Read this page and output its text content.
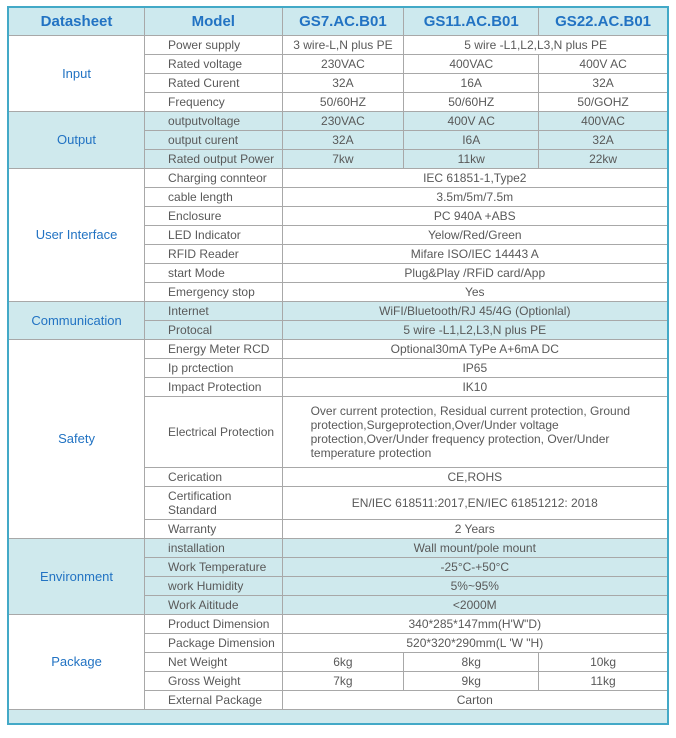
Datasheet	Model	GS7.AC.B01	GS11.AC.B01	GS22.AC.B01
Input	Power supply	3 wire-L,N plus PE	5 wire -L1,L2,L3,N plus PE	
	Rated voltage	230VAC	400VAC	400V AC
	Rated Curent	32A	16A	32A
	Frequency	50/60HZ	50/60HZ	50/GOHZ
Output	outputvoltage	230VAC	400V AC	400VAC
	output curent	32A	I6A	32A
	Rated output Power	7kw	11kw	22kw
User Interface	Charging connteor	IEC 61851-1,Type2		
	cable length	3.5m/5m/7.5m		
	Enclosure	PC 940A +ABS		
	LED Indicator	Yelow/Red/Green		
	RFID Reader	Mifare ISO/IEC 14443 A		
	start Mode	Plug&Play /RFiD card/App		
	Emergency stop	Yes		
Communication	Internet	WiFI/Bluetooth/RJ 45/4G (Optionlal)		
	Protocal	5 wire -L1,L2,L3,N plus PE		
Safety	Energy Meter RCD	Optional30mA TyPe A+6mA DC		
	Ip prctection	IP65		
	Impact Protection	IK10		
	Electrical Protection	Over current protection, Residual current protection, Ground protection,Surgeprotection,Over/Under voltage protection,Over/Under frequency protection, Over/Under temperature protection		
	Cerication	CE,ROHS		
	Certification Standard	EN/IEC 618511:2017,EN/IEC 61851212: 2018		
	Warranty	2 Years		
Environment	installation	Wall mount/pole mount		
	Work Temperature	-25°C-+50°C		
	work Humidity	5%~95%		
	Work Aititude	<2000M		
Package	Product Dimension	340*285*147mm(H'W"D)		
	Package Dimension	520*320*290mm(L 'W "H)		
	Net Weight	6kg	8kg	10kg
	Gross Weight	7kg	9kg	11kg
	External Package	Carton		
